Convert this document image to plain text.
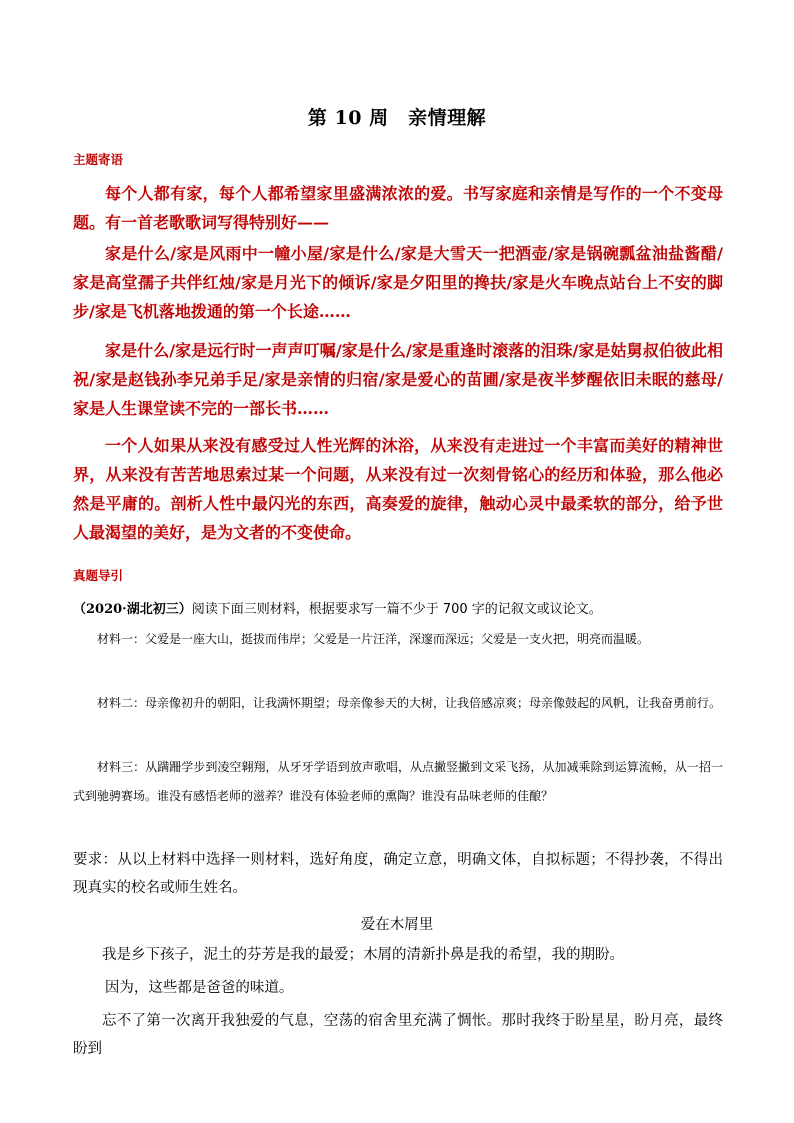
第 10 周　亲情理解
主题寄语
每个人都有家，每个人都希望家里盛满浓浓的爱。书写家庭和亲情是写作的一个不变母题。有一首老歌歌词写得特别好——
家是什么/家是风雨中一幢小屋/家是什么/家是大雪天一把酒壶/家是锅碗瓢盆油盐酱醋/家是高堂孺子共伴红烛/家是月光下的倾诉/家是夕阳里的搀扶/家是火车晚点站台上不安的脚步/家是飞机落地拨通的第一个长途……
家是什么/家是远行时一声声叮嘱/家是什么/家是重逢时滚落的泪珠/家是姑舅叔伯彼此相祝/家是赵钱孙李兄弟手足/家是亲情的归宿/家是爱心的苗圃/家是夜半梦醒依旧未眠的慈母/家是人生课堂读不完的一部长书……
一个人如果从来没有感受过人性光辉的沐浴，从来没有走进过一个丰富而美好的精神世界，从来没有苦苦地思索过某一个问题，从来没有过一次刻骨铭心的经历和体验，那么他必然是平庸的。剖析人性中最闪光的东西，高奏爱的旋律，触动心灵中最柔软的部分，给予世人最渴望的美好，是为文者的不变使命。
真题导引
（2020·湖北初三）阅读下面三则材料，根据要求写一篇不少于 700 字的记叙文或议论文。
材料一：父爱是一座大山，挺拔而伟岸；父爱是一片汪洋，深邃而深远；父爱是一支火把，明亮而温暖。
材料二：母亲像初升的朝阳，让我满怀期望；母亲像参天的大树，让我倍感凉爽；母亲像鼓起的风帆，让我奋勇前行。
材料三：从蹒跚学步到凌空翱翔，从牙牙学语到放声歌唱，从点撇竖撇到文采飞扬，从加减乘除到运算流畅，从一招一式到驰骋赛场。谁没有感悟老师的滋养？谁没有体验老师的熏陶？谁没有品味老师的佳酿？
要求：从以上材料中选择一则材料，选好角度，确定立意，明确文体，自拟标题；不得抄袭，不得出现真实的校名或师生姓名。
爱在木屑里
我是乡下孩子，泥土的芬芳是我的最爱；木屑的清新扑鼻是我的希望，我的期盼。
因为，这些都是爸爸的味道。
忘不了第一次离开我独爱的气息，空荡的宿舍里充满了惆怅。那时我终于盼星星，盼月亮，最终盼到
